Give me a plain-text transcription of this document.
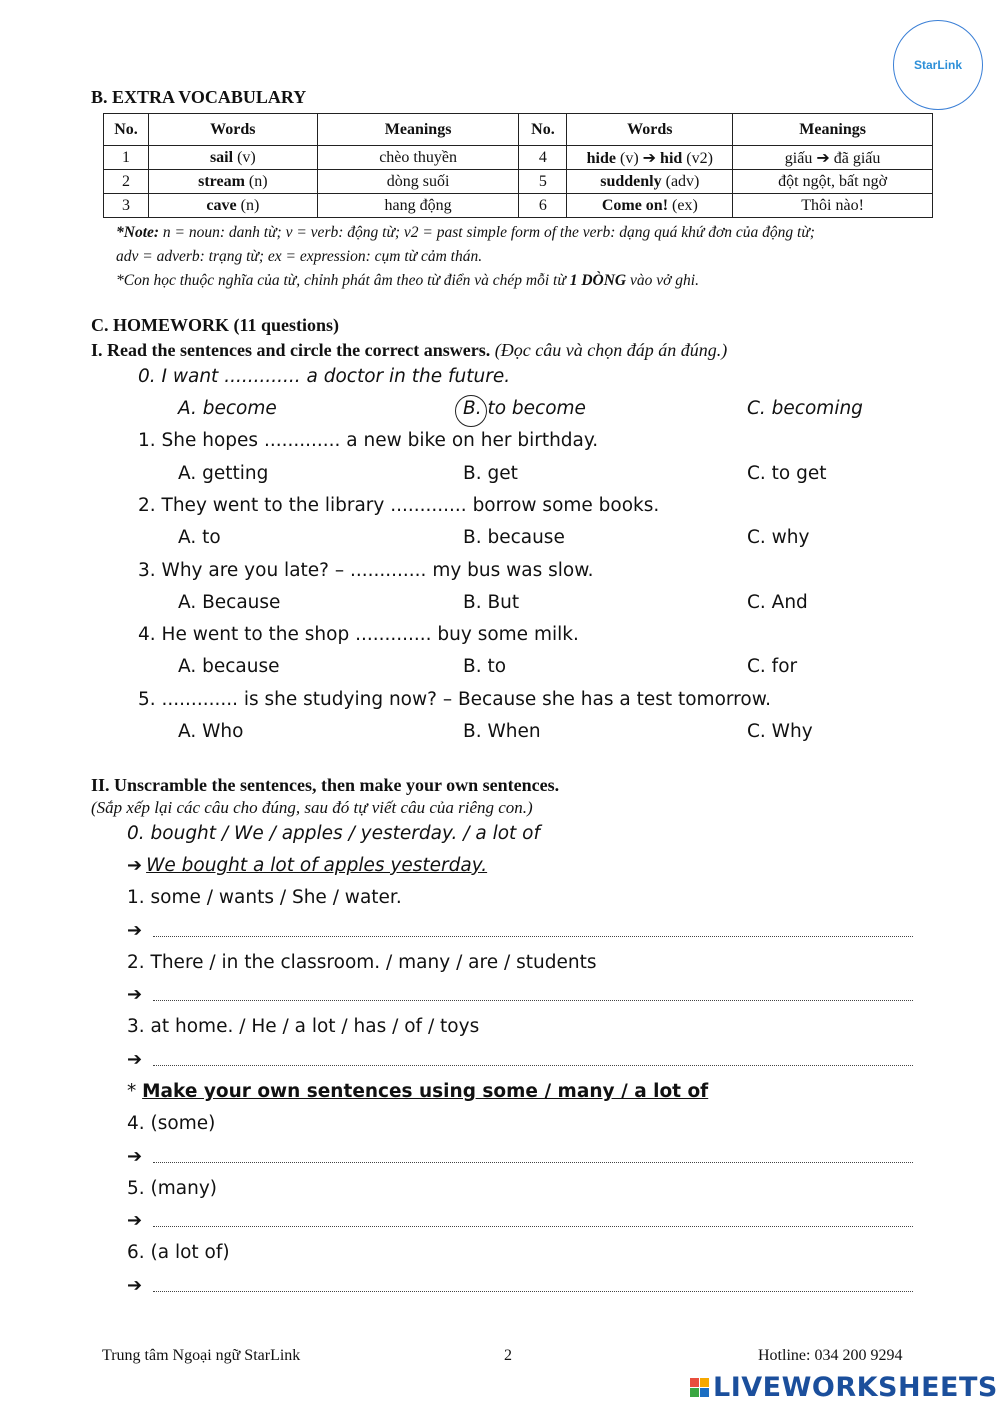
StarLink
B. EXTRA VOCABULARY
No.	Words	Meanings	No.	Words	Meanings
1	sail (v)	chèo thuyền	4	hide (v) ➔ hid (v2)	giấu ➔ đã giấu
2	stream (n)	dòng suối	5	suddenly (adv)	đột ngột, bất ngờ
3	cave (n)	hang động	6	Come on! (ex)	Thôi nào!
*Note: n = noun: danh từ; v = verb: động từ; v2 = past simple form of the verb: dạng quá khứ đơn của động từ;
adv = adverb: trạng từ; ex = expression: cụm từ cảm thán.
*Con học thuộc nghĩa của từ, chỉnh phát âm theo từ điển và chép mỗi từ 1 DÒNG vào vở ghi.
C. HOMEWORK (11 questions)
I. Read the sentences and circle the correct answers. (Đọc câu và chọn đáp án đúng.)
0. I want ............. a doctor in the future.
A. become	B. to become	C. becoming
1. She hopes ............. a new bike on her birthday.
A. getting	B. get	C. to get
2. They went to the library ............. borrow some books.
A. to	B. because	C. why
3. Why are you late? – ............. my bus was slow.
A. Because	B. But	C. And
4. He went to the shop ............. buy some milk.
A. because	B. to	C. for
5. ............. is she studying now? – Because she has a test tomorrow.
A. Who	B. When	C. Why
II. Unscramble the sentences, then make your own sentences.
(Sắp xếp lại các câu cho đúng, sau đó tự viết câu của riêng con.)
0. bought / We / apples / yesterday. / a lot of
➔ We bought a lot of apples yesterday.
1. some / wants / She / water.
➔
2. There / in the classroom. / many / are / students
➔
3. at home. / He / a lot / has / of / toys
➔
* Make your own sentences using some / many / a lot of
4. (some)
➔
5. (many)
➔
6. (a lot of)
➔
Trung tâm Ngoại ngữ StarLink	2	Hotline: 034 200 9294
LIVEWORKSHEETS
